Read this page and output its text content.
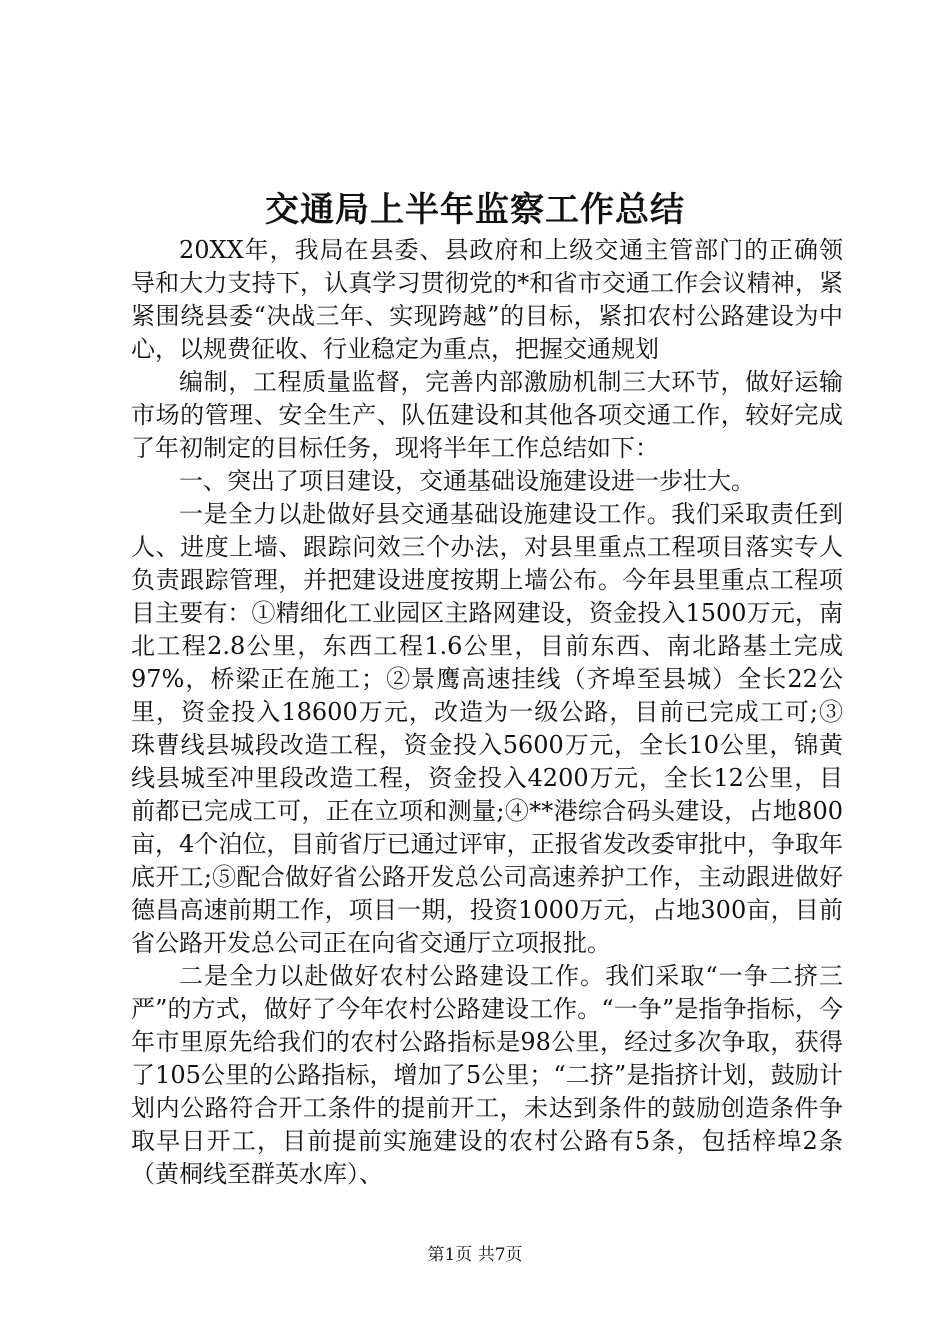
交通局上半年监察工作总结

20XX年，我局在县委、县政府和上级交通主管部门的正确领导和大力支持下，认真学习贯彻党的*和省市交通工作会议精神，紧紧围绕县委“决战三年、实现跨越”的目标，紧扣农村公路建设为中心，以规费征收、行业稳定为重点，把握交通规划

编制，工程质量监督，完善内部激励机制三大环节，做好运输市场的管理、安全生产、队伍建设和其他各项交通工作，较好完成了年初制定的目标任务，现将半年工作总结如下：

一、突出了项目建设，交通基础设施建设进一步壮大。

一是全力以赴做好县交通基础设施建设工作。我们采取责任到人、进度上墙、跟踪问效三个办法，对县里重点工程项目落实专人负责跟踪管理，并把建设进度按期上墙公布。今年县里重点工程项目主要有：①精细化工业园区主路网建设，资金投入1500万元，南北工程2.8公里，东西工程1.6公里，目前东西、南北路基土完成97%，桥梁正在施工；②景鹰高速挂线（齐埠至县城）全长22公里，资金投入18600万元，改造为一级公路，目前已完成工可;③ 珠曹线县城段改造工程，资金投入5600万元，全长10公里，锦黄线县城至冲里段改造工程，资金投入4200万元，全长12公里，目前都已完成工可，正在立项和测量;④**港综合码头建设，占地800亩，4个泊位，目前省厅已通过评审，正报省发改委审批中，争取年底开工;⑤配合做好省公路开发总公司高速养护工作，主动跟进做好德昌高速前期工作，项目一期，投资1000万元，占地300亩，目前省公路开发总公司正在向省交通厅立项报批。

二是全力以赴做好农村公路建设工作。我们采取“一争二挤三严”的方式，做好了今年农村公路建设工作。“一争”是指争指标，今年市里原先给我们的农村公路指标是98公里，经过多次争取，获得了105公里的公路指标，增加了5公里；“二挤”是指挤计划，鼓励计划内公路符合开工条件的提前开工，未达到条件的鼓励创造条件争取早日开工，目前提前实施建设的农村公路有5条，包括梓埠2条（黄桐线至群英水库）、

第1页 共7页
